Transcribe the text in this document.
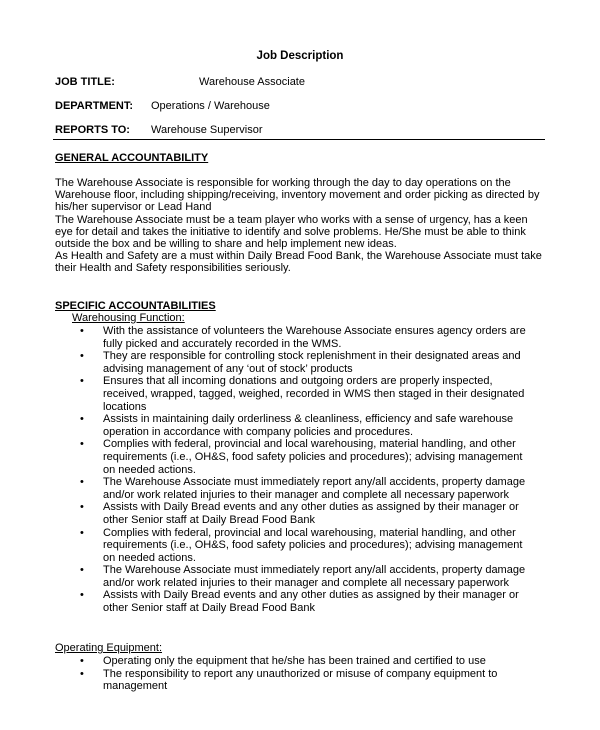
Job Description
JOB TITLE:	Warehouse Associate
DEPARTMENT: Operations / Warehouse
REPORTS TO: Warehouse Supervisor
GENERAL ACCOUNTABILITY

The Warehouse Associate is responsible for working through the day to day operations on the Warehouse floor, including shipping/receiving, inventory movement and order picking as directed by his/her supervisor or Lead Hand

The Warehouse Associate must be a team player who works with a sense of urgency, has a keen eye for detail and takes the initiative to identify and solve problems. He/She must be able to think outside the box and be willing to share and help implement new ideas.

As Health and Safety are a must within Daily Bread Food Bank, the Warehouse Associate must take their Health and Safety responsibilities seriously.

SPECIFIC ACCOUNTABILITIES
Warehousing Function:
• With the assistance of volunteers the Warehouse Associate ensures agency orders are fully picked and accurately recorded in the WMS.
• They are responsible for controlling stock replenishment in their designated areas and advising management of any ‘out of stock’ products
• Ensures that all incoming donations and outgoing orders are properly inspected, received, wrapped, tagged, weighed, recorded in WMS then staged in their designated locations
• Assists in maintaining daily orderliness & cleanliness, efficiency and safe warehouse operation in accordance with company policies and procedures.
• Complies with federal, provincial and local warehousing, material handling, and other requirements (i.e., OH&S, food safety policies and procedures); advising management on needed actions.
• The Warehouse Associate must immediately report any/all accidents, property damage and/or work related injuries to their manager and complete all necessary paperwork
• Assists with Daily Bread events and any other duties as assigned by their manager or other Senior staff at Daily Bread Food Bank
• Complies with federal, provincial and local warehousing, material handling, and other requirements (i.e., OH&S, food safety policies and procedures); advising management on needed actions.
• The Warehouse Associate must immediately report any/all accidents, property damage and/or work related injuries to their manager and complete all necessary paperwork
• Assists with Daily Bread events and any other duties as assigned by their manager or other Senior staff at Daily Bread Food Bank
Operating Equipment:
• Operating only the equipment that he/she has been trained and certified to use
• The responsibility to report any unauthorized or misuse of company equipment to management
